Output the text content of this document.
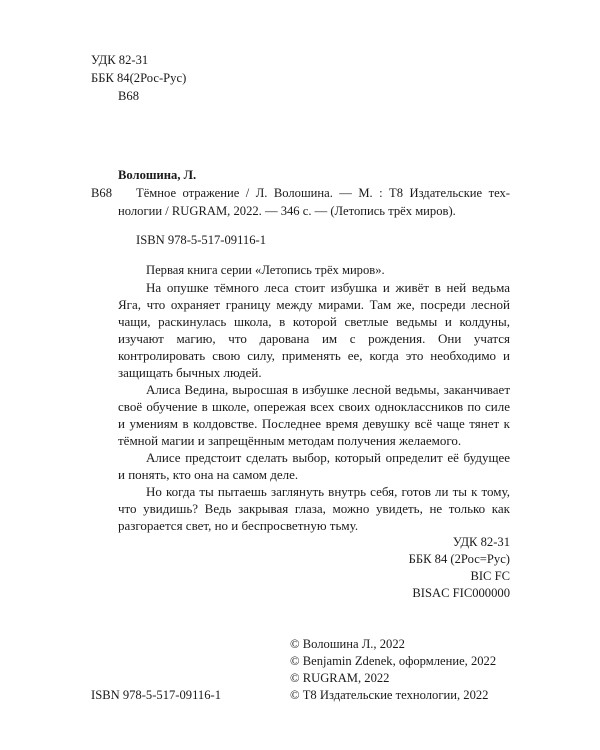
УДК 82-31
ББК 84(2Рос-Рус)
В68
Волошина, Л.
В68 Тёмное отражение / Л. Волошина. — М. : Т8 Издательские тех-
нологии / RUGRAM, 2022. — 346 с. — (Летопись трёх миров).
ISBN 978-5-517-09116-1
Первая книга серии «Летопись трёх миров».

На опушке тёмного леса стоит избушка и живёт в ней ведьма Яга, что охраняет границу между мирами. Там же, посреди лесной чащи, раскинулась школа, в которой светлые ведьмы и колдуны, изучают магию, что дарована им с рождения. Они учатся контролировать свою силу, применять ее, когда это необходимо и защищать бычных людей.

Алиса Ведина, выросшая в избушке лесной ведьмы, заканчивает своё обучение в школе, опережая всех своих одноклассников по силе и умениям в колдовстве. Последнее время девушку всё чаще тянет к тёмной магии и запрещённым методам получения желаемого.

Алисе предстоит сделать выбор, который определит её будущее и понять, кто она на самом деле.

Но когда ты пытаешь заглянуть внутрь себя, готов ли ты к тому, что увидишь? Ведь закрывая глаза, можно увидеть, не только как разгорается свет, но и беспросветную тьму.

УДК 82-31
ББК 84 (2Рос=Рус)
BIC FC
BISAC FIC000000
© Волошина Л., 2022
© Benjamin Zdenek, оформление, 2022
© RUGRAM, 2022
© Т8 Издательские технологии, 2022
ISBN 978-5-517-09116-1
